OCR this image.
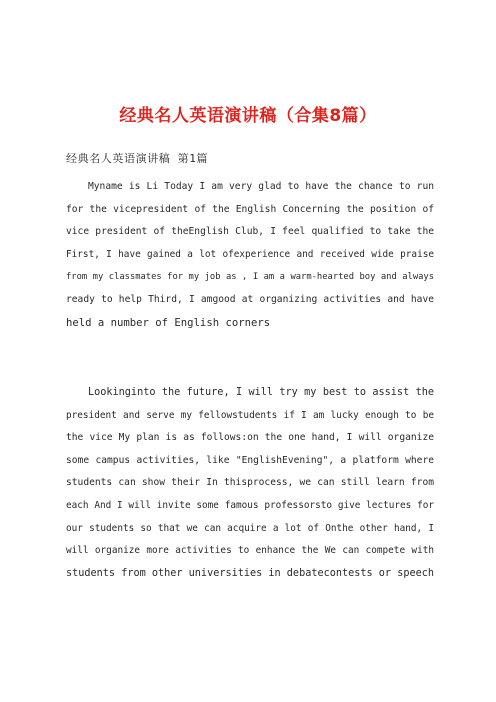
经典名人英语演讲稿（合集8篇）
经典名人英语演讲稿 第1篇
Myname is Li Today I am very glad to have the chance to run
for the vicepresident of the English Concerning the position of
vice president of theEnglish Club, I feel qualified to take the
First, I have gained a lot ofexperience and received wide praise
from my classmates for my job as , I am a warm-hearted boy and always
ready to help Third, I amgood at organizing activities and have
held a number of English corners
Lookinginto the future, I will try my best to assist the
president and serve my fellowstudents if I am lucky enough to be
the vice My plan is as follows:on the one hand, I will organize
some campus activities, like "EnglishEvening", a platform where
students can show their In thisprocess, we can still learn from
each And I will invite some famous professorsto give lectures for
our students so that we can acquire a lot of Onthe other hand, I
will organize more activities to enhance the We can compete with
students from other universities in debatecontests or speech
